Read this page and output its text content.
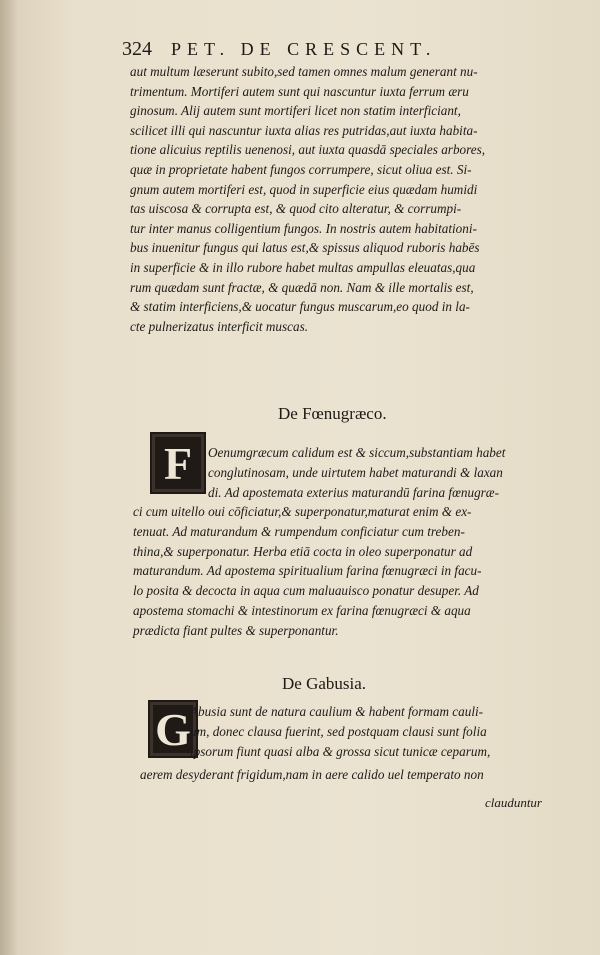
324 PET. DE CRESCENT.
aut multum læserunt subito,sed tamen omnes malum generant nu-
trimentum. Mortiferi autem sunt qui nascuntur iuxta ferrum æru
ginosum. Alij autem sunt mortiferi licet non statim interficiant,
scilicet illi qui nascuntur iuxta alias res putridas,aut iuxta habita-
tione alicuius reptilis uenenosi, aut iuxta quasdā speciales arbores,
quæ in proprietate habent fungos corrumpere, sicut oliua est. Si-
gnum autem mortiferi est, quod in superficie eius quædam humidi
tas uiscosa & corrupta est, & quod cito alteratur, & corrumpi-
tur inter manus colligentium fungos. In nostris autem habitationi-
bus inuenitur fungus qui latus est,& spissus aliquod ruboris habēs
in superficie & in illo rubore habet multas ampullas eleuatas,qua
rum quædam sunt fractæ, & quædā non. Nam & ille mortalis est,
& statim interficiens,& uocatur fungus muscarum,eo quod in la-
cte pulnerizatus interficit muscas.
De Fœnugræco.
F	Oenumgræcum calidum est & siccum,substantiam habet
conglutinosam, unde uirtutem habet maturandi & laxan
di. Ad apostemata exterius maturandū farina fœnugræ-
ci cum uitello oui cōficiatur,& superponatur,maturat enim & ex-
tenuat. Ad maturandum & rumpendum conficiatur cum treben-
thina,& superponatur. Herba etiā cocta in oleo superponatur ad
maturandum. Ad apostema spiritualium farina fœnugræci in facu-
lo posita & decocta in aqua cum maluauisco ponatur desuper. Ad
apostema stomachi & intestinorum ex farina fœnugræci & aqua
prædicta fiant pultes & superponantur.
De Gabusia.
G Abusia sunt de natura caulium & habent formam cauli-
um, donec clausa fuerint, sed postquam clausi sunt folia
ipsorum fiunt quasi alba & grossa sicut tunicæ ceparum,
aerem desyderant frigidum,nam in aere calido uel temperato non
clauduntur
